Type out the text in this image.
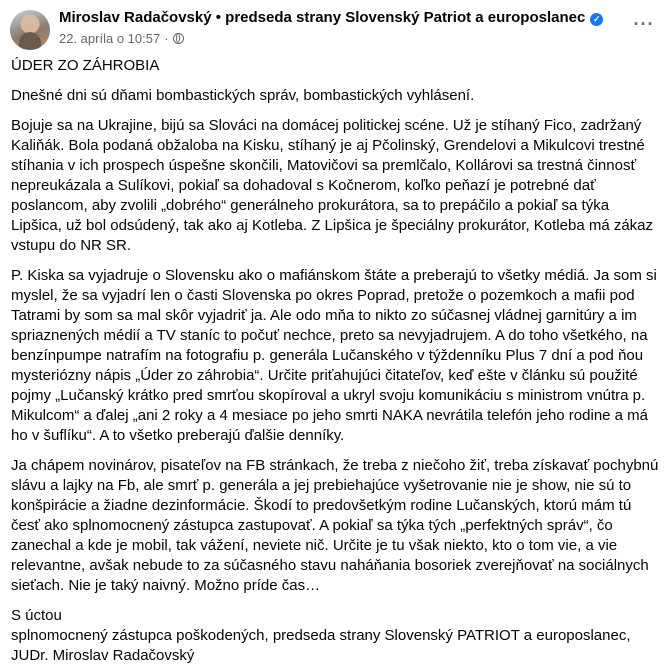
Miroslav Radačovský • predseda strany Slovenský Patriot a europoslanec ✓
22. apríla o 10:57 ·
···

ÚDER ZO ZÁHROBIA

Dnešné dni sú dňami bombastických správ, bombastických vyhlásení.

Bojuje sa na Ukrajine, bijú sa Slováci na domácej politickej scéne. Už je stíhaný Fico, zadržaný Kaliňák. Bola podaná obžaloba na Kisku, stíhaný je aj Pčolinský, Grendelovi a Mikulcovi trestné stíhania v ich prospech úspešne skončili, Matovičovi sa premlčalo, Kollárovi sa trestná činnosť nepreukázala a Sulíkovi, pokiaľ sa dohadoval s Kočnerom, koľko peňazí je potrebné dať poslancom, aby zvolili „dobrého“ generálneho prokurátora, sa to prepáčilo a pokiaľ sa týka Lipšica, už bol odsúdený, tak ako aj Kotleba. Z Lipšica je špeciálny prokurátor, Kotleba má zákaz vstupu do NR SR.

P. Kiska sa vyjadruje o Slovensku ako o mafiánskom štáte a preberajú to všetky médiá. Ja som si myslel, že sa vyjadrí len o časti Slovenska po okres Poprad, pretože o pozemkoch a mafii pod Tatrami by som sa mal skôr vyjadriť ja. Ale odo mňa to nikto zo súčasnej vládnej garnitúry a im spriaznených médií a TV staníc to počuť nechce, preto sa nevyjadrujem. A do toho všetkého, na benzínpumpe natrafím na fotografiu p. generála Lučanského v týždenníku Plus 7 dní a pod ňou mysteriózny nápis „Úder zo záhrobia“. Určite priťahujúci čitateľov, keď ešte v článku sú použité pojmy „Lučanský krátko pred smrťou skopíroval a ukryl svoju komunikáciu s ministrom vnútra p. Mikulcom“ a ďalej „ani 2 roky a 4 mesiace po jeho smrti NAKA nevrátila telefón jeho rodine a má ho v šuflíku“. A to všetko preberajú ďalšie denníky.

Ja chápem novinárov, pisateľov na FB stránkach, že treba z niečoho žiť, treba získavať pochybnú slávu a lajky na Fb, ale smrť p. generála a jej prebiehajúce vyšetrovanie nie je show, nie sú to konšpirácie a žiadne dezinformácie. Škodí to predovšetkým rodine Lučanských, ktorú mám tú česť ako splnomocnený zástupca zastupovať. A pokiaľ sa týka tých „perfektných správ“, čo zanechal a kde je mobil, tak vážení, neviete nič. Určite je tu však niekto, kto o tom vie, a vie relevantne, avšak nebude to za súčasného stavu naháňania bosoriek zverejňovať na sociálnych sieťach. Nie je taký naivný. Možno príde čas…

S úctou

splnomocnený zástupca poškodených, predseda strany Slovenský PATRIOT a europoslanec,

JUDr. Miroslav Radačovský
